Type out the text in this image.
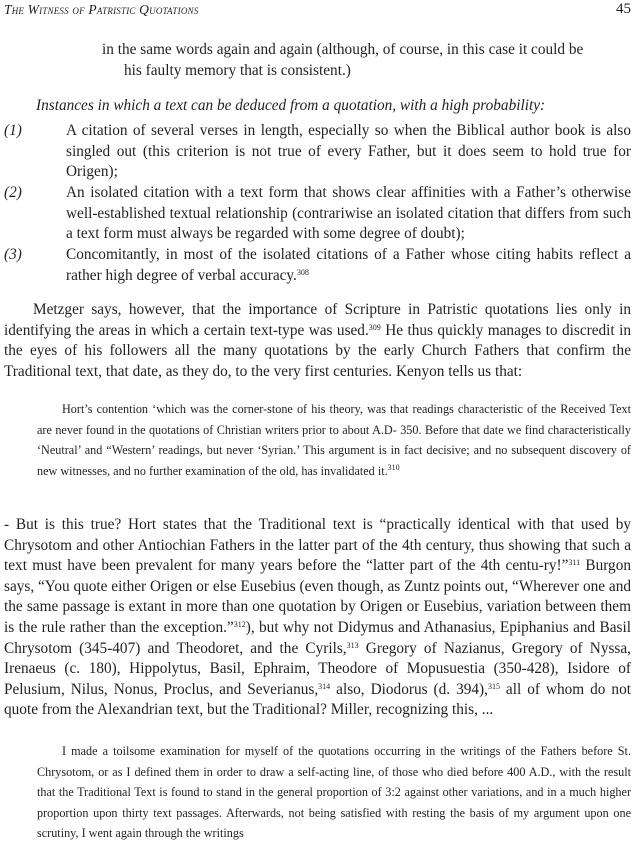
The Witness of Patristic Quotations	45
in the same words again and again (although, of course, in this case it could be
his faulty memory that is consistent.)
Instances in which a text can be deduced from a quotation, with a high probability:
(1)	A citation of several verses in length, especially so when the Biblical author book is also singled out (this criterion is not true of every Father, but it does seem to hold true for Origen);
(2)	An isolated citation with a text form that shows clear affinities with a Father’s otherwise well-established textual relationship (contrariwise an isolated citation that differs from such a text form must always be regarded with some degree of doubt);
(3)	Concomitantly, in most of the isolated citations of a Father whose citing habits reflect a rather high degree of verbal accuracy.$^{308}$

Metzger says, however, that the importance of Scripture in Patristic quotations lies only in identifying the areas in which a certain text-type was used.$^{309}$ He thus quickly manages to discredit in the eyes of his followers all the many quotations by the early Church Fathers that confirm the Traditional text, that date, as they do, to the very first centuries. Kenyon tells us that:

Hort’s contention ‘which was the corner-stone of his theory, was that readings characteristic of the Received Text are never found in the quotations of Christian writers prior to about A.D- 350. Before that date we find characteristically ‘Neutral’ and “Western’ readings, but never ‘Syrian.’ This argument is in fact decisive; and no subsequent discovery of new witnesses, and no further examination of the old, has invalidated it.$^{310}$

- But is this true? Hort states that the Traditional text is “practically identical with that used by Chrysotom and other Antiochian Fathers in the latter part of the 4th century, thus showing that such a text must have been prevalent for many years before the “latter part of the 4th centu-ry!”$^{311}$ Burgon says, “You quote either Origen or else Eusebius (even though, as Zuntz points out, “Wherever one and the same passage is extant in more than one quotation by Origen or Eusebius, variation between them is the rule rather than the exception.”$^{312}$), but why not Didymus and Athanasius, Epiphanius and Basil Chrysotom (345-407) and Theodoret, and the Cyrils,$^{313}$ Gregory of Nazianus, Gregory of Nyssa, Irenaeus (c. 180), Hippolytus, Basil, Ephraim, Theodore of Mopusuestia (350-428), Isidore of Pelusium, Nilus, Nonus, Proclus, and Severianus,$^{314}$ also, Diodorus (d. 394),$^{315}$ all of whom do not quote from the Alexandrian text, but the Traditional? Miller, recognizing this, ...

I made a toilsome examination for myself of the quotations occurring in the writings of the Fathers before St. Chrysotom, or as I defined them in order to draw a self-acting line, of those who died before 400 A.D., with the result that the Traditional Text is found to stand in the general proportion of 3:2 against other variations, and in a much higher proportion upon thirty text passages. Afterwards, not being satisfied with resting the basis of my argument upon one scrutiny, I went again through the writings
